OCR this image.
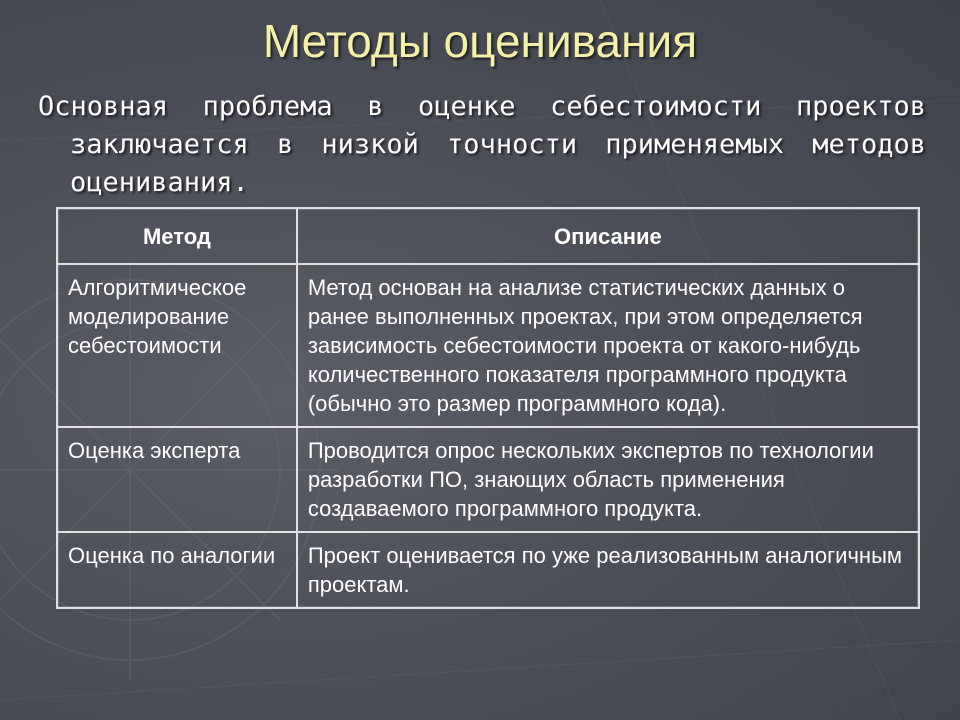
Методы оценивания

Основная проблема в оценке себестоимости проектов заключается в низкой точности применяемых методов оценивания.

Метод	Описание
Алгоритмическое моделирование себестоимости	Метод основан на анализе статистических данных о ранее выполненных проектах, при этом определяется зависимость себестоимости проекта от какого-нибудь количественного показателя программного продукта (обычно это размер программного кода).
Оценка эксперта	Проводится опрос нескольких экспертов по технологии разработки ПО, знающих область применения создаваемого программного продукта.
Оценка по аналогии	Проект оценивается по уже реализованным аналогичным проектам.
